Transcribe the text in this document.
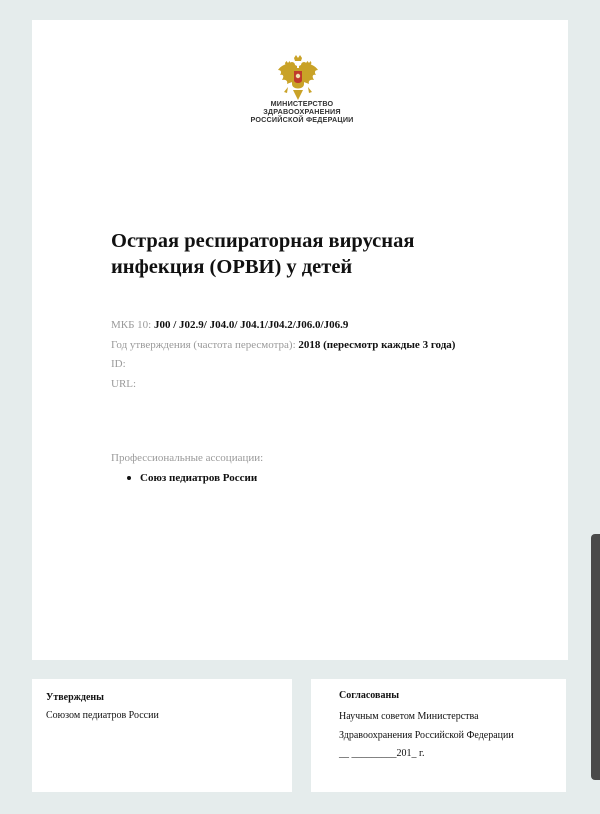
МИНИСТЕРСТВО
ЗДРАВООХРАНЕНИЯ
РОССИЙСКОЙ ФЕДЕРАЦИИ
Острая респираторная вирусная инфекция (ОРВИ) у детей
МКБ 10: J00 / J02.9/ J04.0/ J04.1/J04.2/J06.0/J06.9
Год утверждения (частота пересмотра): 2018 (пересмотр каждые 3 года)
ID:
URL:
Профессиональные ассоциации:
Союз педиатров России
Утверждены
Союзом педиатров России
Согласованы
Научным советом Министерства
Здравоохранения Российской Федерации
__ _________201_ г.
